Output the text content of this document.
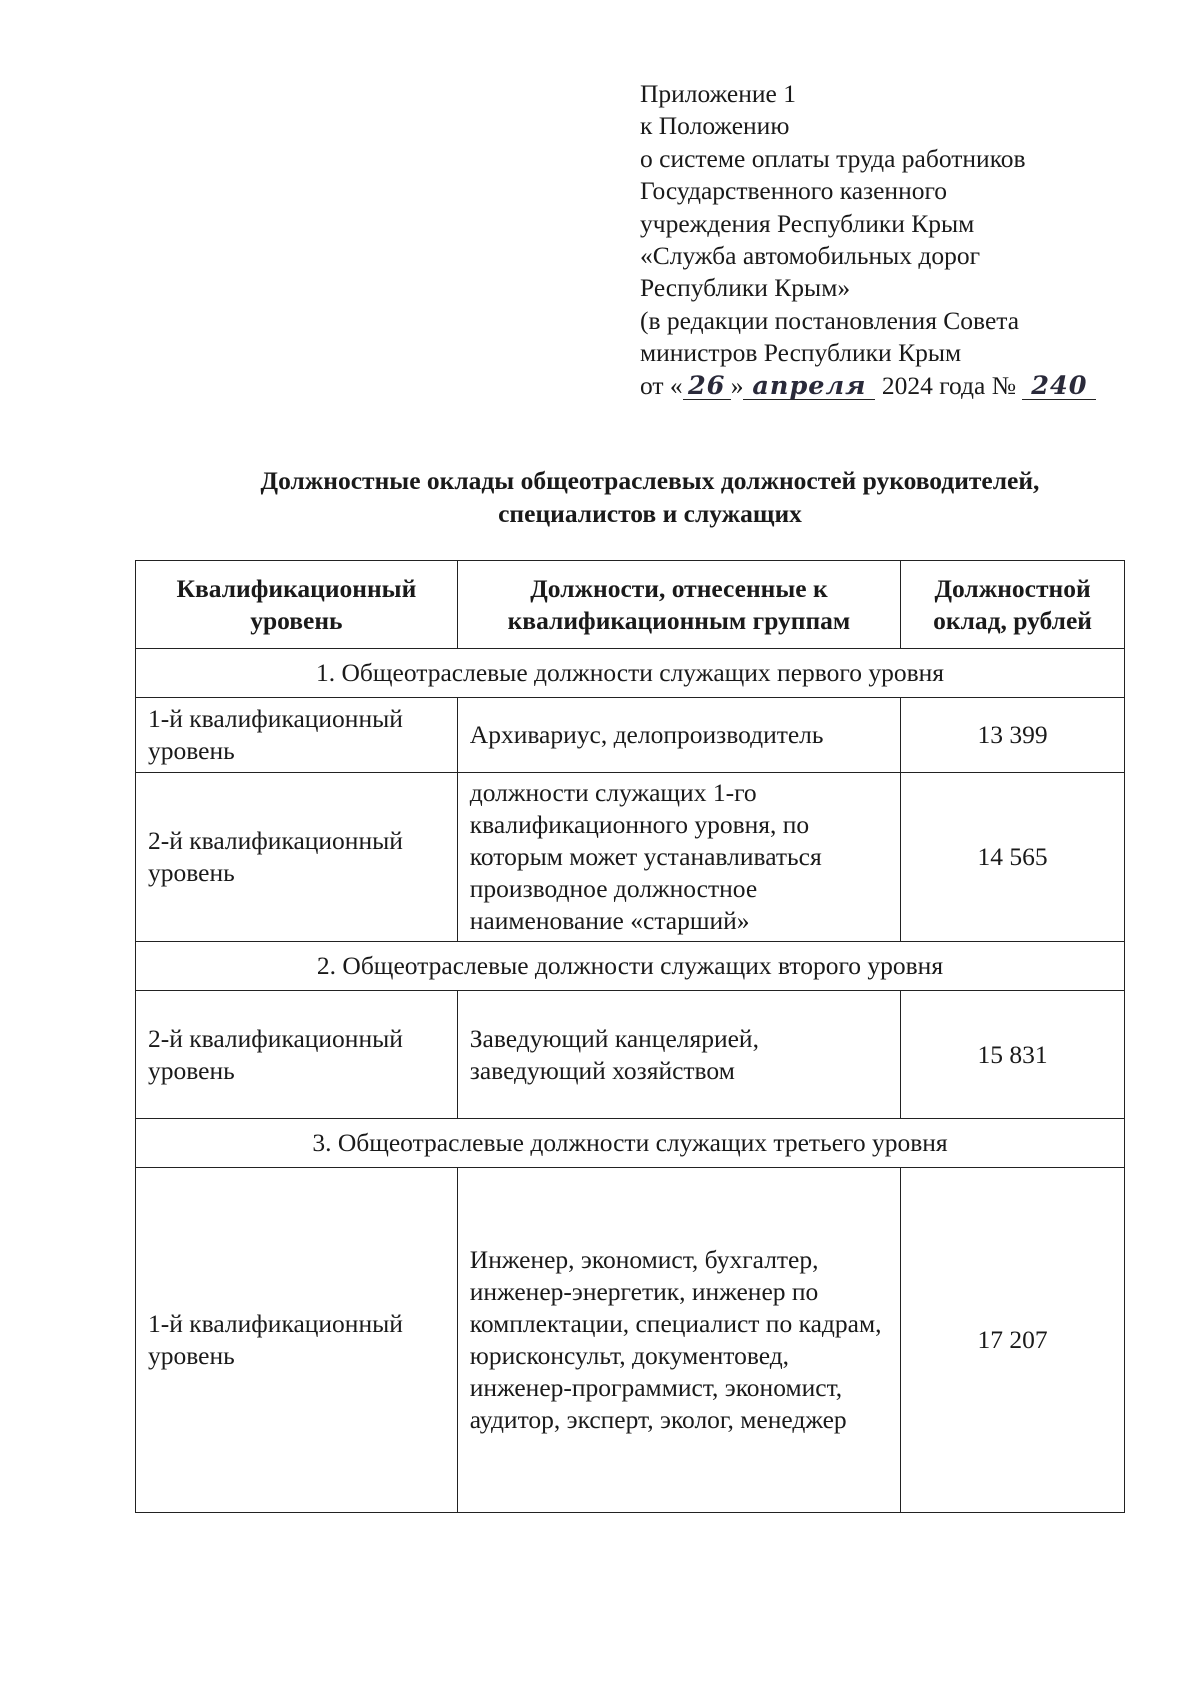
Приложение 1
к Положению
о системе оплаты труда работников
Государственного казенного
учреждения Республики Крым
«Служба автомобильных дорог
Республики Крым»
(в редакции постановления Совета
министров Республики Крым
от « 26 » апреля 2024 года № 240
Должностные оклады общеотраслевых должностей руководителей,
специалистов и служащих
Квалификационный уровень	Должности, отнесенные к квалификационным группам	Должностной оклад, рублей
1. Общеотраслевые должности служащих первого уровня		
1-й квалификационный уровень	Архивариус, делопроизводитель	13 399
2-й квалификационный уровень	должности служащих 1-го квалификационного уровня, по которым может устанавливаться производное должностное наименование «старший»	14 565
2. Общеотраслевые должности служащих второго уровня		
2-й квалификационный уровень	Заведующий канцелярией, заведующий хозяйством	15 831
3. Общеотраслевые должности служащих третьего уровня		
1-й квалификационный уровень	Инженер, экономист, бухгалтер, инженер-энергетик, инженер по комплектации, специалист по кадрам, юрисконсульт, документовед, инженер-программист, экономист, аудитор, эксперт, эколог, менеджер	17 207
